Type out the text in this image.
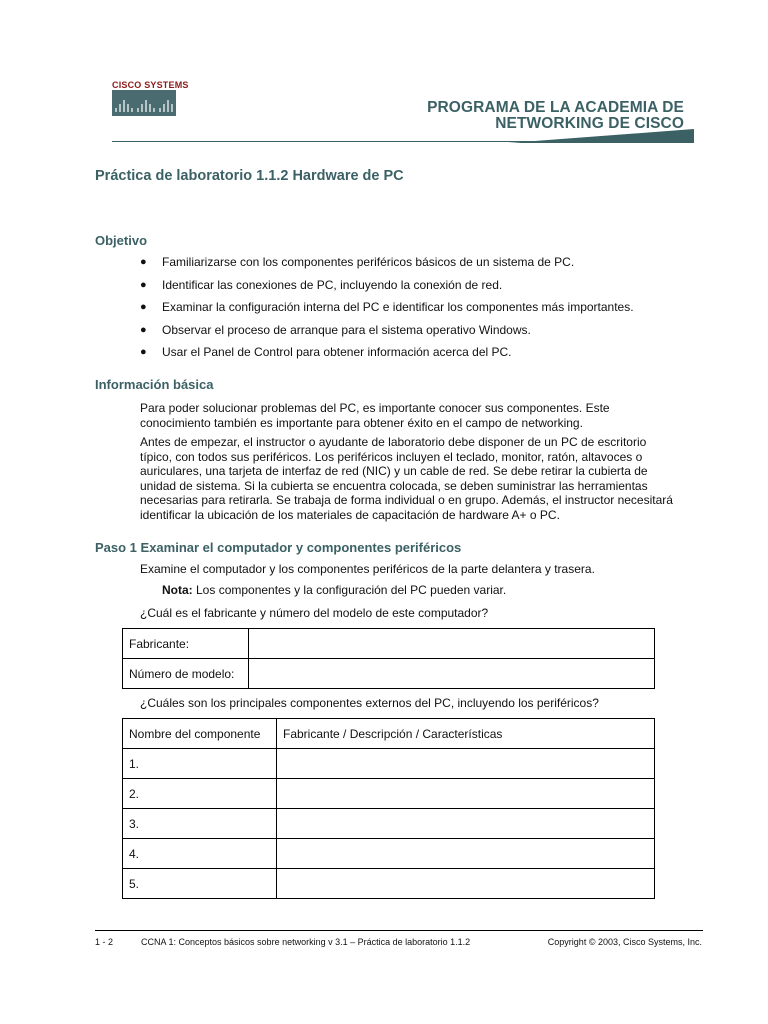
CISCO SYSTEMS
PROGRAMA DE LA ACADEMIA DE
NETWORKING DE CISCO
Práctica de laboratorio 1.1.2 Hardware de PC
Objetivo
● Familiarizarse con los componentes periféricos básicos de un sistema de PC.
● Identificar las conexiones de PC, incluyendo la conexión de red.
● Examinar la configuración interna del PC e identificar los componentes más importantes.
● Observar el proceso de arranque para el sistema operativo Windows.
● Usar el Panel de Control para obtener información acerca del PC.
Información básica
Para poder solucionar problemas del PC, es importante conocer sus componentes. Este conocimiento también es importante para obtener éxito en el campo de networking.
Antes de empezar, el instructor o ayudante de laboratorio debe disponer de un PC de escritorio típico, con todos sus periféricos. Los periféricos incluyen el teclado, monitor, ratón, altavoces o auriculares, una tarjeta de interfaz de red (NIC) y un cable de red. Se debe retirar la cubierta de unidad de sistema. Si la cubierta se encuentra colocada, se deben suministrar las herramientas necesarias para retirarla. Se trabaja de forma individual o en grupo. Además, el instructor necesitará identificar la ubicación de los materiales de capacitación de hardware A+ o PC.
Paso 1 Examinar el computador y componentes periféricos
Examine el computador y los componentes periféricos de la parte delantera y trasera.
Nota: Los componentes y la configuración del PC pueden variar.
¿Cuál es el fabricante y número del modelo de este computador?
Fabricante:	
Número de modelo:	
¿Cuáles son los principales componentes externos del PC, incluyendo los periféricos?
Nombre del componente	Fabricante / Descripción / Características
1.	
2.	
3.	
4.	
5.	
1 - 2	CCNA 1: Conceptos básicos sobre networking v 3.1 – Práctica de laboratorio 1.1.2	Copyright © 2003, Cisco Systems, Inc.
